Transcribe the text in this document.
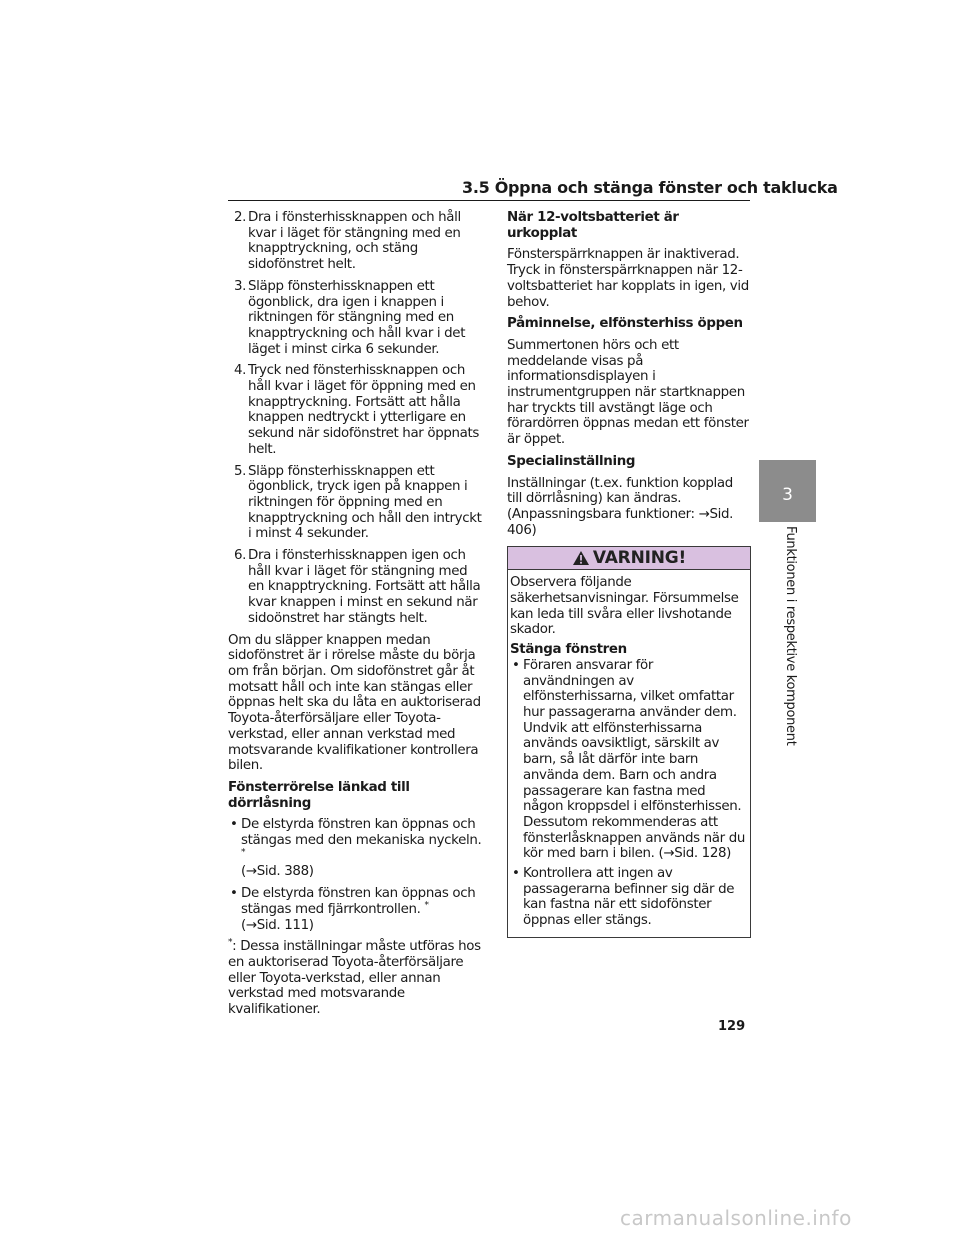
3.5 Öppna och stänga fönster och taklucka
2. Dra i fönsterhissknappen och håll kvar i läget för stängning med en knapptryckning, och stäng sidofönstret helt.
3. Släpp fönsterhissknappen ett ögonblick, dra igen i knappen i riktningen för stängning med en knapptryckning och håll kvar i det läget i minst cirka 6 sekunder.
4. Tryck ned fönsterhissknappen och håll kvar i läget för öppning med en knapptryckning. Fortsätt att hålla knappen nedtryckt i ytterligare en sekund när sidofönstret har öppnats helt.
5. Släpp fönsterhissknappen ett ögonblick, tryck igen på knappen i riktningen för öppning med en knapptryckning och håll den intryckt i minst 4 sekunder.
6. Dra i fönsterhissknappen igen och håll kvar i läget för stängning med en knapptryckning. Fortsätt att hålla kvar knappen i minst en sekund när sidoönstret har stängts helt.

Om du släpper knappen medan sidofönstret är i rörelse måste du börja om från början. Om sidofönstret går åt motsatt håll och inte kan stängas eller öppnas helt ska du låta en auktoriserad Toyota-återförsäljare eller Toyota-verkstad, eller annan verkstad med motsvarande kvalifikationer kontrollera bilen.

Fönsterrörelse länkad till dörrlåsning
• De elstyrda fönstren kan öppnas och stängas med den mekaniska nyckeln. *
(→Sid. 388)
• De elstyrda fönstren kan öppnas och stängas med fjärrkontrollen. *
(→Sid. 111)

*: Dessa inställningar måste utföras hos en auktoriserad Toyota-återförsäljare eller Toyota-verkstad, eller annan verkstad med motsvarande kvalifikationer.

När 12-voltsbatteriet är urkopplat

Fönsterspärrknappen är inaktiverad. Tryck in fönsterspärrknappen när 12-voltsbatteriet har kopplats in igen, vid behov.

Påminnelse, elfönsterhiss öppen

Summertonen hörs och ett meddelande visas på informationsdisplayen i instrumentgruppen när startknappen har tryckts till avstängt läge och förardörren öppnas medan ett fönster är öppet.

Specialinställning

Inställningar (t.ex. funktion kopplad till dörrlåsning) kan ändras. (Anpassningsbara funktioner: →Sid. 406)

VARNING!

Observera följande säkerhetsanvisningar. Försummelse kan leda till svåra eller livshotande skador.

Stänga fönstren
• Föraren ansvarar för användningen av elfönsterhissarna, vilket omfattar hur passagerarna använder dem. Undvik att elfönsterhissarna används oavsiktligt, särskilt av barn, så låt därför inte barn använda dem. Barn och andra passagerare kan fastna med någon kroppsdel i elfönsterhissen. Dessutom rekommenderas att fönsterlåsknappen används när du kör med barn i bilen. (→Sid. 128)
• Kontrollera att ingen av passagerarna befinner sig där de kan fastna när ett sidofönster öppnas eller stängs.
3
Funktionen i respektive komponent
129
carmanualsonline.info
